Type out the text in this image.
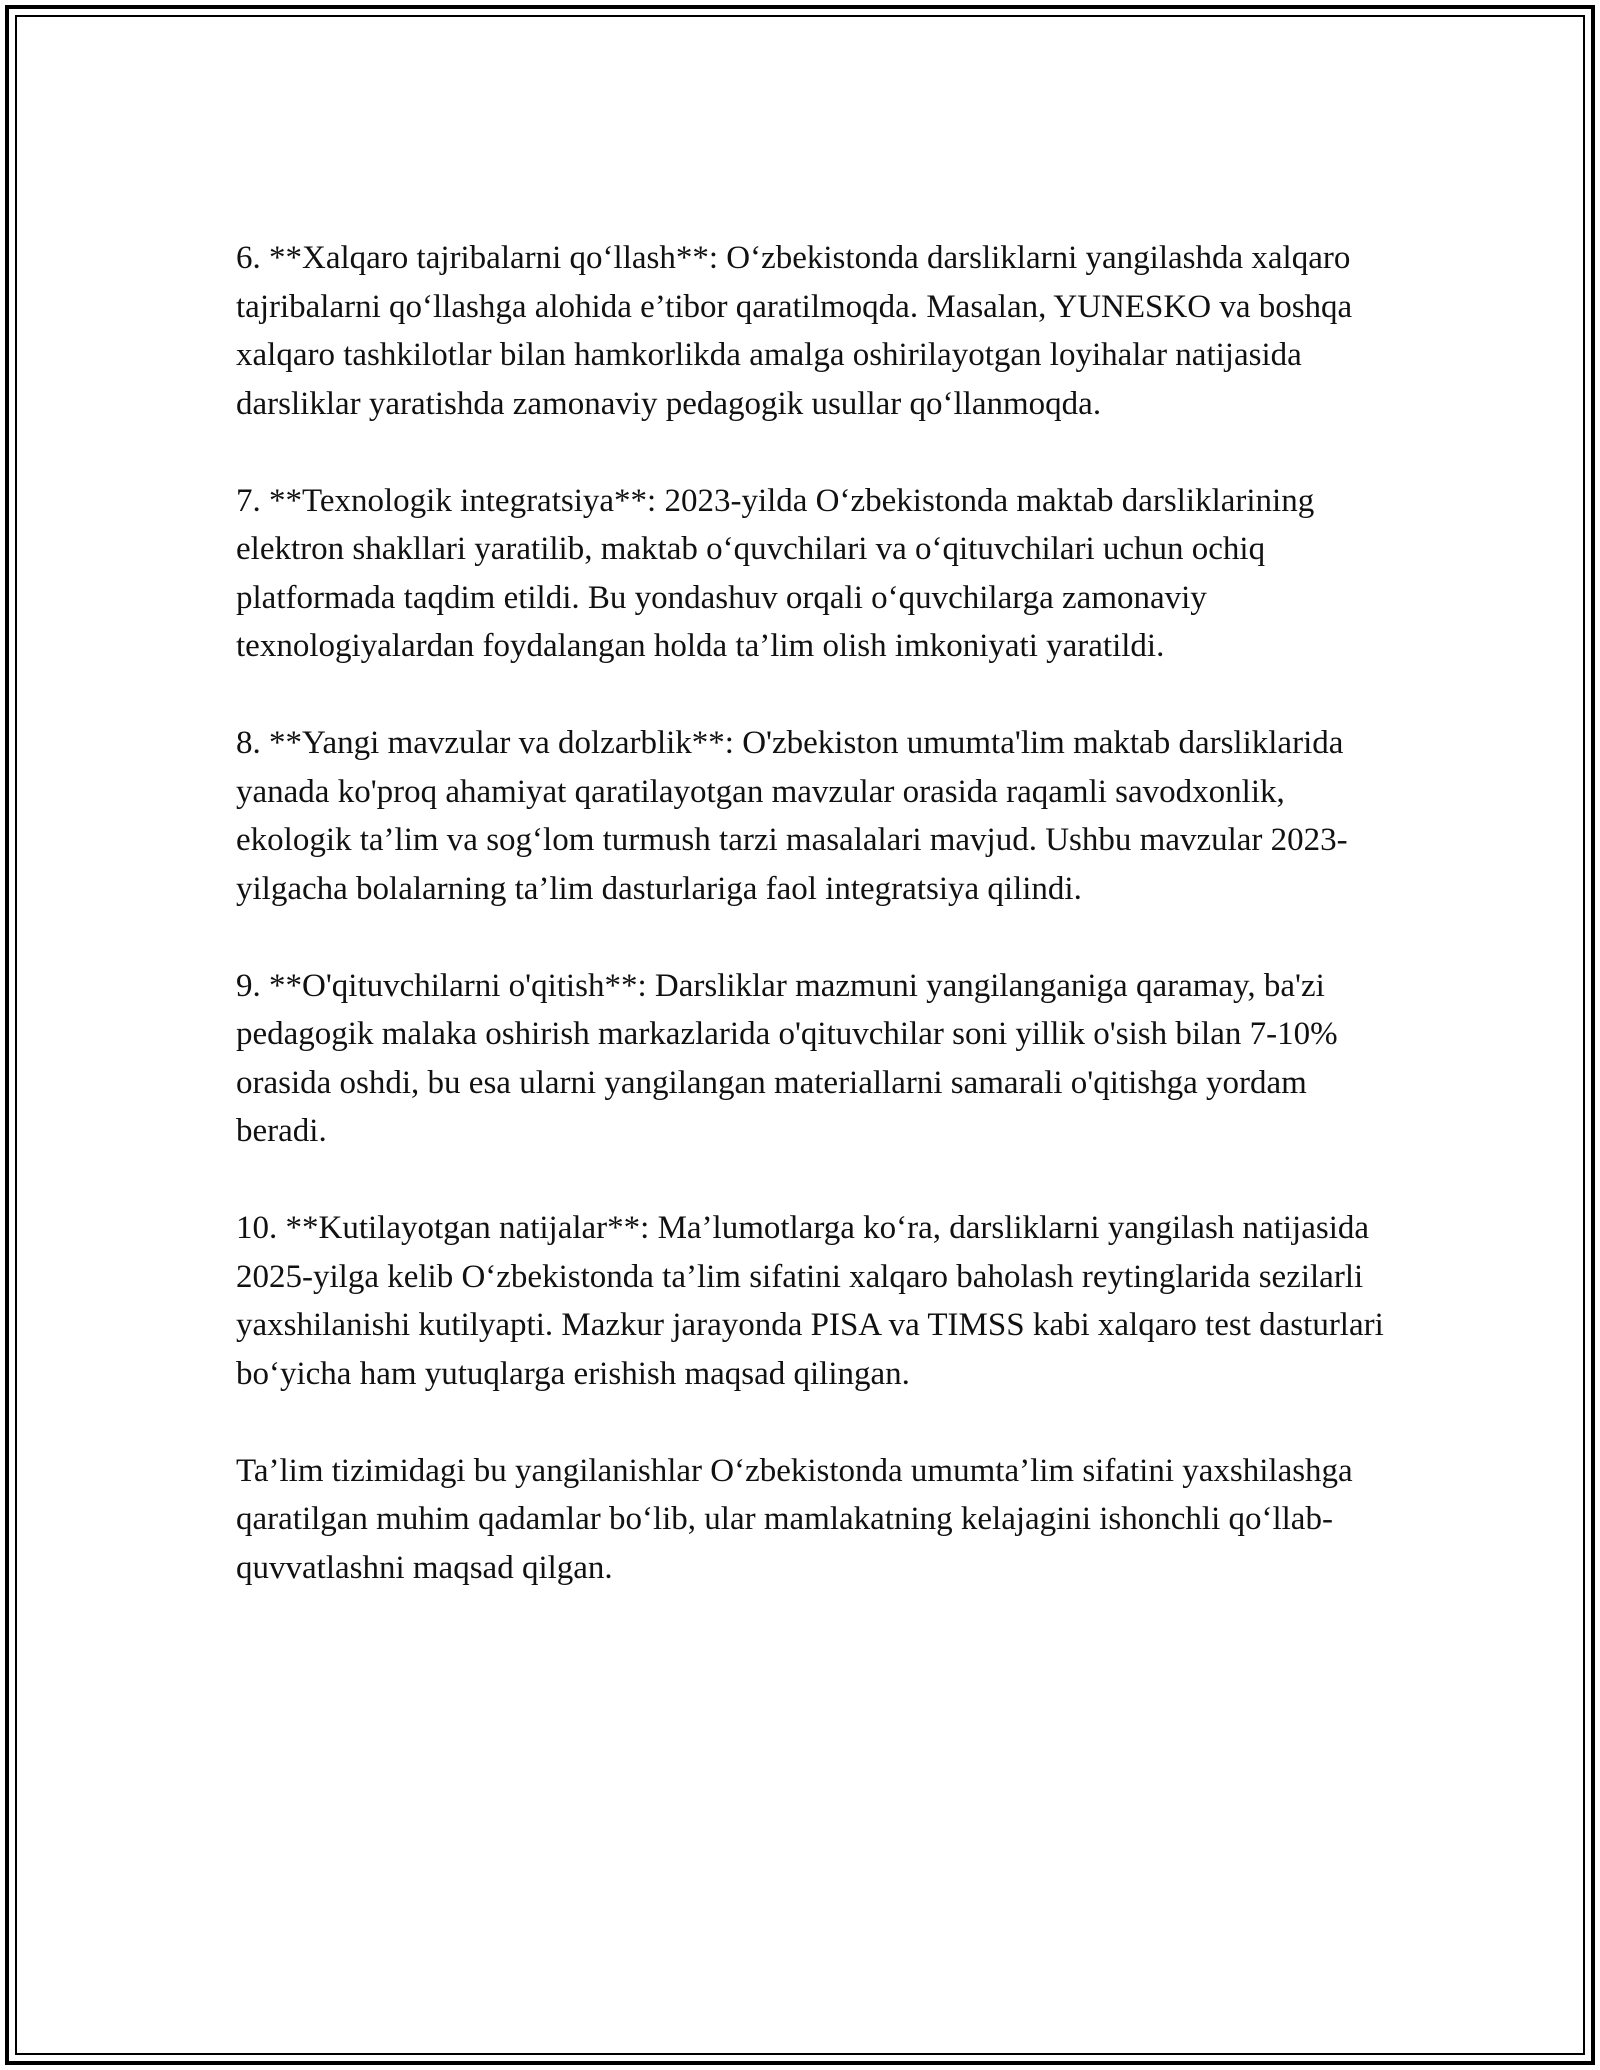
6. **Xalqaro tajribalarni qo‘llash**: O‘zbekistonda darsliklarni yangilashda xalqaro tajribalarni qo‘llashga alohida e’tibor qaratilmoqda. Masalan, YUNESKO va boshqa xalqaro tashkilotlar bilan hamkorlikda amalga oshirilayotgan loyihalar natijasida darsliklar yaratishda zamonaviy pedagogik usullar qo‘llanmoqda.

7. **Texnologik integratsiya**: 2023-yilda O‘zbekistonda maktab darsliklarining elektron shakllari yaratilib, maktab o‘quvchilari va o‘qituvchilari uchun ochiq platformada taqdim etildi. Bu yondashuv orqali o‘quvchilarga zamonaviy texnologiyalardan foydalangan holda ta’lim olish imkoniyati yaratildi.

8. **Yangi mavzular va dolzarblik**: O'zbekiston umumta'lim maktab darsliklarida yanada ko'proq ahamiyat qaratilayotgan mavzular orasida raqamli savodxonlik, ekologik ta’lim va sog‘lom turmush tarzi masalalari mavjud. Ushbu mavzular 2023-yilgacha bolalarning ta’lim dasturlariga faol integratsiya qilindi.

9. **O'qituvchilarni o'qitish**: Darsliklar mazmuni yangilanganiga qaramay, ba'zi pedagogik malaka oshirish markazlarida o'qituvchilar soni yillik o'sish bilan 7-10% orasida oshdi, bu esa ularni yangilangan materiallarni samarali o'qitishga yordam beradi.

10. **Kutilayotgan natijalar**: Ma’lumotlarga ko‘ra, darsliklarni yangilash natijasida 2025-yilga kelib O‘zbekistonda ta’lim sifatini xalqaro baholash reytinglarida sezilarli yaxshilanishi kutilyapti. Mazkur jarayonda PISA va TIMSS kabi xalqaro test dasturlari bo‘yicha ham yutuqlarga erishish maqsad qilingan.

Ta’lim tizimidagi bu yangilanishlar O‘zbekistonda umumta’lim sifatini yaxshilashga qaratilgan muhim qadamlar bo‘lib, ular mamlakatning kelajagini ishonchli qo‘llab-quvvatlashni maqsad qilgan.
